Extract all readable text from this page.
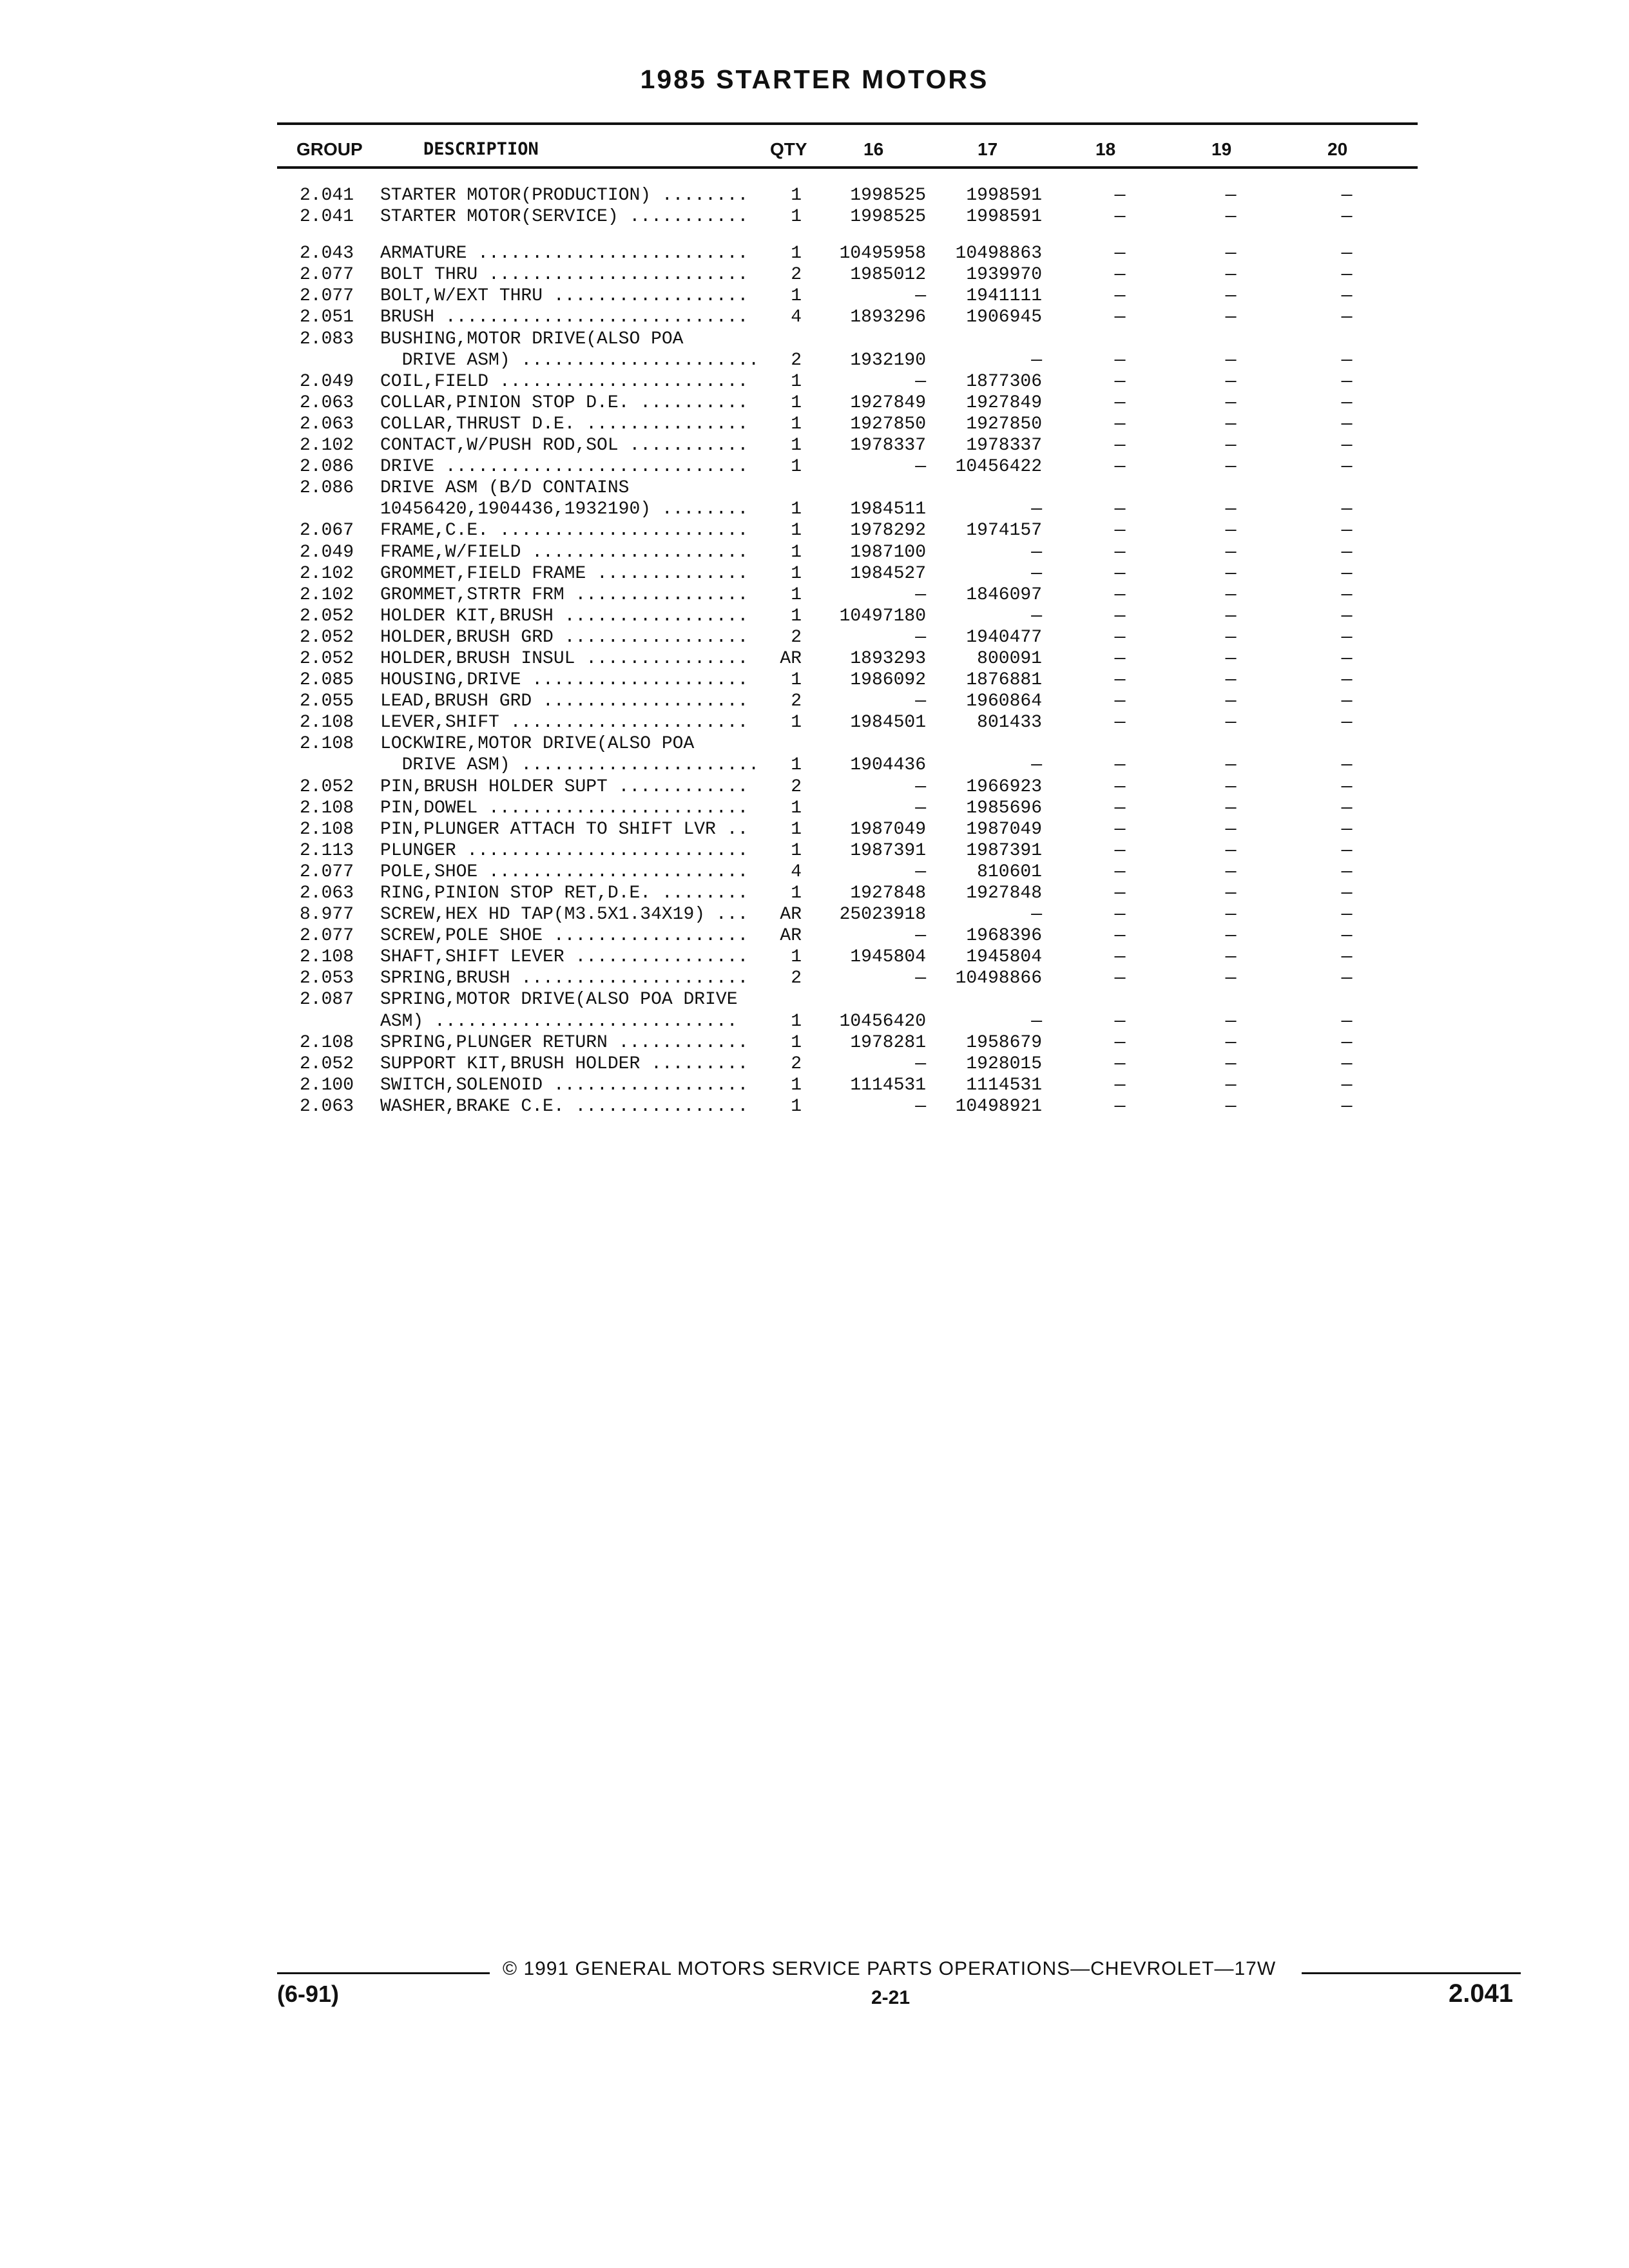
1985 STARTER MOTORS
GROUP	DESCRIPTION	QTY	16	17	18	19	20
2.041 STARTER MOTOR(PRODUCTION) ........	1	1998525	1998591	—	—	—
2.041 STARTER MOTOR(SERVICE) ...........	1	1998525	1998591	—	—	—
2.043 ARMATURE .........................	1	10495958	10498863	—	—	—
2.077 BOLT THRU ........................	2	1985012	1939970	—	—	—
2.077 BOLT,W/EXT THRU ..................	1	—	1941111	—	—	—
2.051 BRUSH ............................	4	1893296	1906945	—	—	—
2.083 BUSHING,MOTOR DRIVE(ALSO POA
DRIVE ASM) ......................	2	1932190	—	—	—	—
2.049 COIL,FIELD .......................	1	—	1877306	—	—	—
2.063 COLLAR,PINION STOP D.E. ..........	1	1927849	1927849	—	—	—
2.063 COLLAR,THRUST D.E. ...............	1	1927850	1927850	—	—	—
2.102 CONTACT,W/PUSH ROD,SOL ...........	1	1978337	1978337	—	—	—
2.086 DRIVE ............................	1	—	10456422	—	—	—
2.086 DRIVE ASM (B/D CONTAINS
10456420,1904436,1932190) ........	1	1984511	—	—	—	—
2.067 FRAME,C.E. .......................	1	1978292	1974157	—	—	—
2.049 FRAME,W/FIELD ....................	1	1987100	—	—	—	—
2.102 GROMMET,FIELD FRAME ..............	1	1984527	—	—	—	—
2.102 GROMMET,STRTR FRM ................	1	—	1846097	—	—	—
2.052 HOLDER KIT,BRUSH .................	1	10497180	—	—	—	—
2.052 HOLDER,BRUSH GRD .................	2	—	1940477	—	—	—
2.052 HOLDER,BRUSH INSUL ............... AR	1893293	800091	—	—	—
2.085 HOUSING,DRIVE ....................	1	1986092	1876881	—	—	—
2.055 LEAD,BRUSH GRD ...................	2	—	1960864	—	—	—
2.108 LEVER,SHIFT ......................	1	1984501	801433	—	—	—
2.108 LOCKWIRE,MOTOR DRIVE(ALSO POA
DRIVE ASM) ......................	1	1904436	—	—	—	—
2.052 PIN,BRUSH HOLDER SUPT ............	2	—	1966923	—	—	—
2.108 PIN,DOWEL ........................	1	—	1985696	—	—	—
2.108 PIN,PLUNGER ATTACH TO SHIFT LVR ..	1	1987049	1987049	—	—	—
2.113 PLUNGER ..........................	1	1987391	1987391	—	—	—
2.077 POLE,SHOE ........................	4	—	810601	—	—	—
2.063 RING,PINION STOP RET,D.E. ........	1	1927848	1927848	—	—	—
8.977 SCREW,HEX HD TAP(M3.5X1.34X19) ... AR	25023918	—	—	—	—
2.077 SCREW,POLE SHOE .................. AR	—	1968396	—	—	—
2.108 SHAFT,SHIFT LEVER ................	1	1945804	1945804	—	—	—
2.053 SPRING,BRUSH .....................	2	—	10498866	—	—	—
2.087 SPRING,MOTOR DRIVE(ALSO POA DRIVE
ASM) ............................	1	10456420	—	—	—	—
2.108 SPRING,PLUNGER RETURN ............	1	1978281	1958679	—	—	—
2.052 SUPPORT KIT,BRUSH HOLDER .........	2	—	1928015	—	—	—
2.100 SWITCH,SOLENOID ..................	1	1114531	1114531	—	—	—
2.063 WASHER,BRAKE C.E. ................	1	—	10498921	—	—	—
© 1991 GENERAL MOTORS SERVICE PARTS OPERATIONS—CHEVROLET—17W
(6-91)	2-21	2.041
